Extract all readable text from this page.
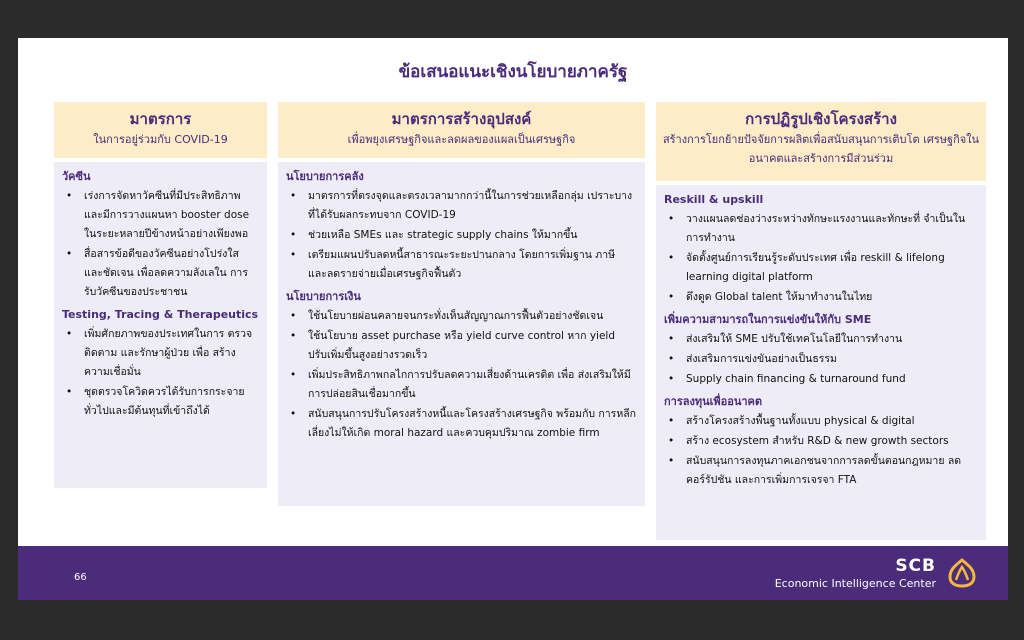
ข้อเสนอแนะเชิงนโยบายภาครัฐ
มาตรการ
ในการอยู่ร่วมกับ COVID-19
วัคซีน
• เร่งการจัดหาวัคซีนที่มีประสิทธิภาพ และมีการวางแผนหา booster dose ในระยะหลายปีข้างหน้าอย่างเพียงพอ
• สื่อสารข้อดีของวัคซีนอย่างโปร่งใส และชัดเจน เพื่อลดความลังเลใน การรับวัคซีนของประชาชน
Testing, Tracing & Therapeutics
• เพิ่มศักยภาพของประเทศในการ ตรวจ ติดตาม และรักษาผู้ป่วย เพื่อ สร้างความเชื่อมั่น
• ชุดตรวจโควิดควรได้รับการกระจาย ทั่วไปและมีต้นทุนที่เข้าถึงได้
มาตรการสร้างอุปสงค์
เพื่อพยุงเศรษฐกิจและลดผลของแผลเป็นเศรษฐกิจ
นโยบายการคลัง
• มาตรการที่ตรงจุดและตรงเวลามากกว่านี้ในการช่วยเหลือกลุ่ม เปราะบางที่ได้รับผลกระทบจาก COVID-19
• ช่วยเหลือ SMEs และ strategic supply chains ให้มากขึ้น
• เตรียมแผนปรับลดหนี้สาธารณะระยะปานกลาง โดยการเพิ่มฐาน ภาษี และลดรายจ่ายเมื่อเศรษฐกิจฟื้นตัว
นโยบายการเงิน
• ใช้นโยบายผ่อนคลายจนกระทั่งเห็นสัญญาณการฟื้นตัวอย่างชัดเจน
• ใช้นโยบาย asset purchase หรือ yield curve control หาก yield ปรับเพิ่มขึ้นสูงอย่างรวดเร็ว
• เพิ่มประสิทธิภาพกลไกการปรับลดความเสี่ยงด้านเครดิต เพื่อ ส่งเสริมให้มีการปล่อยสินเชื่อมากขึ้น
• สนับสนุนการปรับโครงสร้างหนี้และโครงสร้างเศรษฐกิจ พร้อมกับ การหลีกเลี่ยงไม่ให้เกิด moral hazard และควบคุมปริมาณ zombie firm
การปฏิรูปเชิงโครงสร้าง
สร้างการโยกย้ายปัจจัยการผลิตเพื่อสนับสนุนการเติบโต เศรษฐกิจในอนาคตและสร้างการมีส่วนร่วม
Reskill & upskill
• วางแผนลดช่องว่างระหว่างทักษะแรงงานและทักษะที่ จำเป็นในการทำงาน
• จัดตั้งศูนย์การเรียนรู้ระดับประเทศ เพื่อ reskill & lifelong learning digital platform
• ดึงดูด Global talent ให้มาทำงานในไทย
เพิ่มความสามารถในการแข่งขันให้กับ SME
• ส่งเสริมให้ SME ปรับใช้เทคโนโลยีในการทำงาน
• ส่งเสริมการแข่งขันอย่างเป็นธรรม
• Supply chain financing & turnaround fund
การลงทุนเพื่ออนาคต
• สร้างโครงสร้างพื้นฐานทั้งแบบ physical & digital
• สร้าง ecosystem สำหรับ R&D & new growth sectors
• สนับสนุนการลงทุนภาคเอกชนจากการลดขั้นตอนกฎหมาย ลดคอร์รัปชัน และการเพิ่มการเจรจา FTA
66
SCB
Economic Intelligence Center
